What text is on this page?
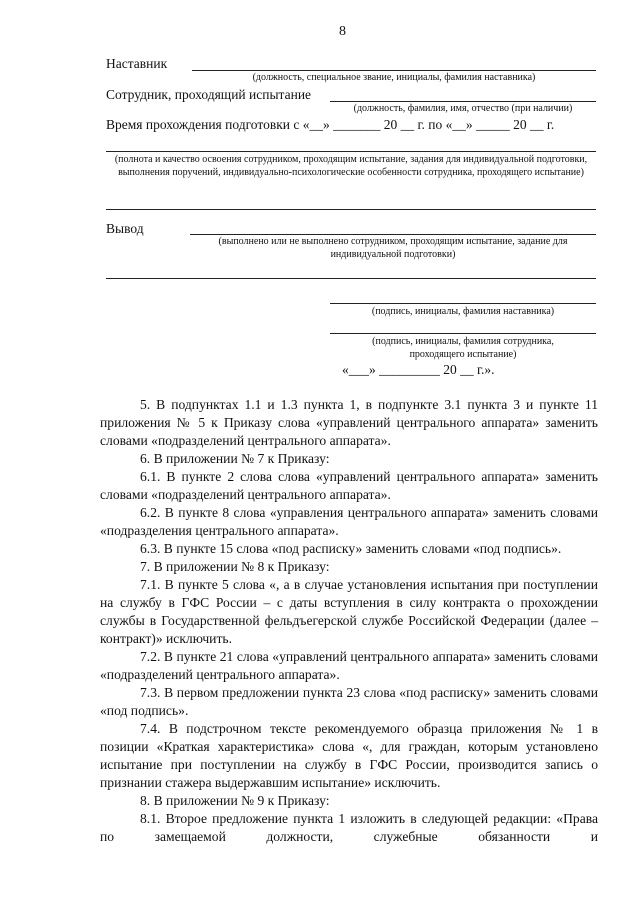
8
Наставник
(должность, специальное звание, инициалы, фамилия наставника)
Сотрудник, проходящий испытание
(должность, фамилия, имя, отчество (при наличии)
Время прохождения подготовки с «__» _______ 20 __ г. по «__» _____ 20 __ г.
(полнота и качество освоения сотрудником, проходящим испытание, задания для индивидуальной подготовки, выполнения поручений, индивидуально-психологические особенности сотрудника, проходящего испытание)
Вывод
(выполнено или не выполнено сотрудником, проходящим испытание, задание для индивидуальной подготовки)
(подпись, инициалы, фамилия наставника)
(подпись, инициалы, фамилия сотрудника, проходящего испытание)
«___» _________ 20 __ г.».

5. В подпунктах 1.1 и 1.3 пункта 1, в подпункте 3.1 пункта 3 и пункте 11 приложения № 5 к Приказу слова «управлений центрального аппарата» заменить словами «подразделений центрального аппарата».

6. В приложении № 7 к Приказу:

6.1. В пункте 2 слова слова «управлений центрального аппарата» заменить словами «подразделений центрального аппарата».

6.2. В пункте 8 слова «управления центрального аппарата» заменить словами «подразделения центрального аппарата».

6.3. В пункте 15 слова «под расписку» заменить словами «под подпись».

7. В приложении № 8 к Приказу:

7.1. В пункте 5 слова «, а в случае установления испытания при поступлении на службу в ГФС России – с даты вступления в силу контракта о прохождении службы в Государственной фельдъегерской службе Российской Федерации (далее – контракт)» исключить.

7.2. В пункте 21 слова «управлений центрального аппарата» заменить словами «подразделений центрального аппарата».

7.3. В первом предложении пункта 23 слова «под расписку» заменить словами «под подпись».

7.4. В подстрочном тексте рекомендуемого образца приложения № 1 в позиции «Краткая характеристика» слова «, для граждан, которым установлено испытание при поступлении на службу в ГФС России, производится запись о признании стажера выдержавшим испытание» исключить.

8. В приложении № 9 к Приказу:

8.1. Второе предложение пункта 1 изложить в следующей редакции: «Права по замещаемой должности, служебные обязанности и
